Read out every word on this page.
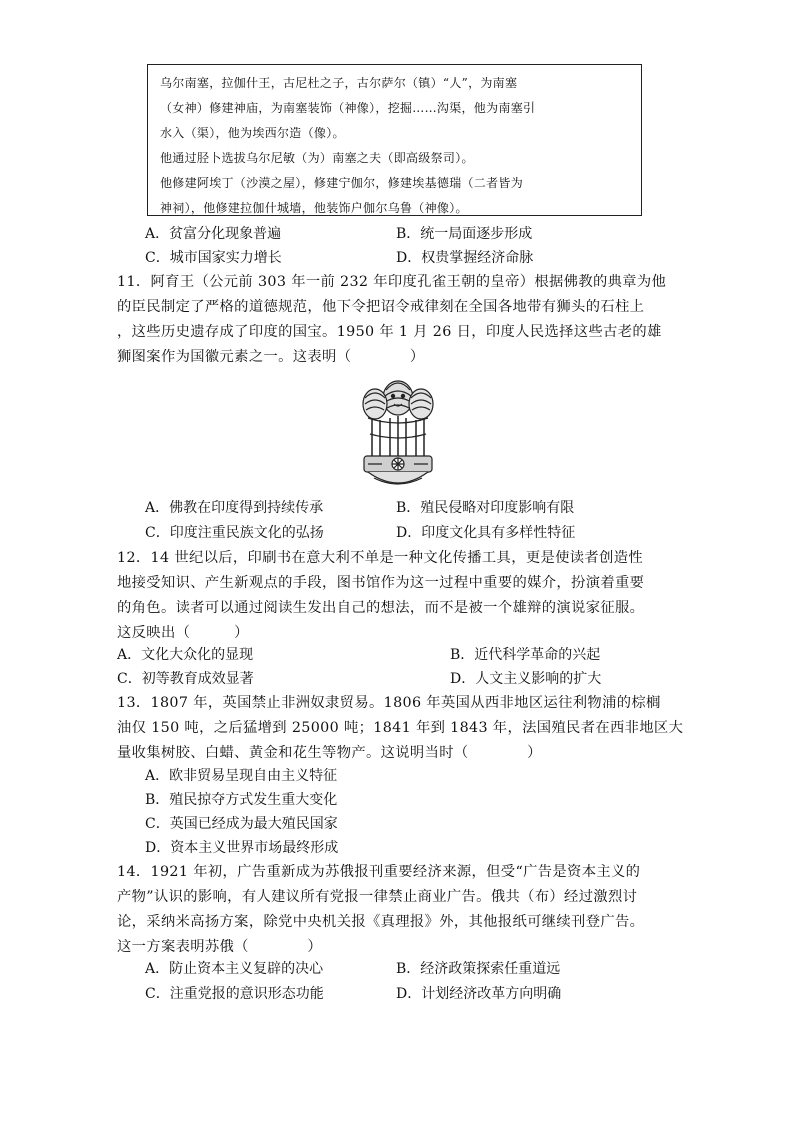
乌尔南塞，拉伽什王，古尼杜之子，古尔萨尔（镇）“人”，为南塞

（女神）修建神庙，为南塞装饰（神像），挖掘……沟渠，他为南塞引

水入（渠），他为埃西尔造（像）。

他通过胫卜选拔乌尔尼敏（为）南塞之夫（即高级祭司）。

他修建阿埃丁（沙漠之屋），修建宁伽尔，修建埃基德瑞（二者皆为

神祠），他修建拉伽什城墙，他装饰户伽尔乌鲁（神像）。

A．贫富分化现象普遍	B．统一局面逐步形成
C．城市国家实力增长	D．权贵掌握经济命脉

11．阿育王（公元前 303 年一前 232 年印度孔雀王朝的皇帝）根据佛教的典章为他

的臣民制定了严格的道德规范，他下令把诏令戒律刻在全国各地带有狮头的石柱上

，这些历史遗存成了印度的国宝。1950 年 1 月 26 日，印度人民选择这些古老的雄

狮图案作为国徽元素之一。这表明（　　　　）

A．佛教在印度得到持续传承	B．殖民侵略对印度影响有限
C．印度注重民族文化的弘扬	D．印度文化具有多样性特征

12．14 世纪以后，印刷书在意大利不单是一种文化传播工具，更是使读者创造性

地接受知识、产生新观点的手段，图书馆作为这一过程中重要的媒介，扮演着重要

的角色。读者可以通过阅读生发出自己的想法，而不是被一个雄辩的演说家征服。

这反映出（　　　）

A．文化大众化的显现	B．近代科学革命的兴起
C．初等教育成效显著	D．人文主义影响的扩大

13．1807 年，英国禁止非洲奴隶贸易。1806 年英国从西非地区运往利物浦的棕榈

油仅 150 吨，之后猛增到 25000 吨；1841 年到 1843 年，法国殖民者在西非地区大

量收集树胶、白蜡、黄金和花生等物产。这说明当时（　　　　）

A．欧非贸易呈现自由主义特征
B．殖民掠夺方式发生重大变化
C．英国已经成为最大殖民国家
D．资本主义世界市场最终形成

14．1921 年初，广告重新成为苏俄报刊重要经济来源，但受“广告是资本主义的

产物”认识的影响，有人建议所有党报一律禁止商业广告。俄共（布）经过激烈讨

论，采纳米高扬方案，除党中央机关报《真理报》外，其他报纸可继续刊登广告。

这一方案表明苏俄（　　　　）

A．防止资本主义复辟的决心	B．经济政策探索任重道远
C．注重党报的意识形态功能	D．计划经济改革方向明确
